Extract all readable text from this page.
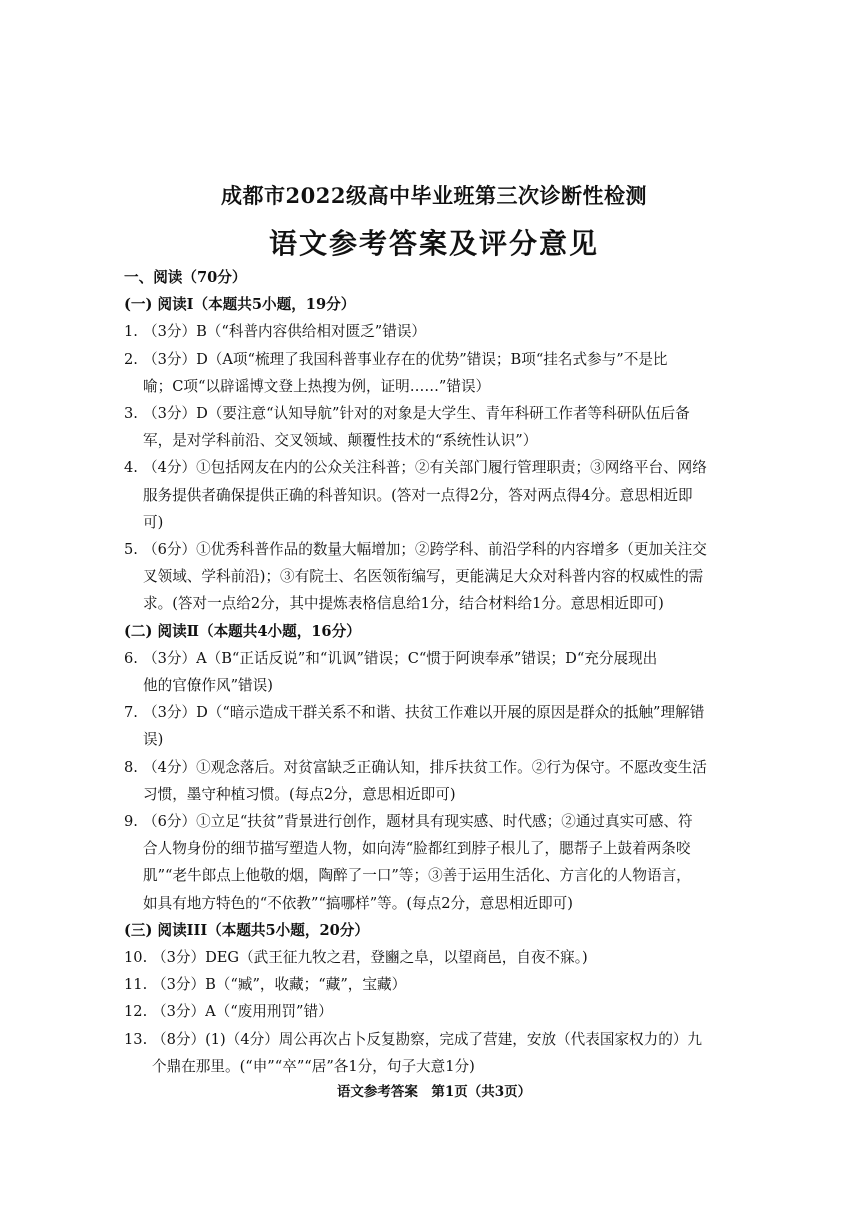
成都市2022级高中毕业班第三次诊断性检测
语文参考答案及评分意见
一、阅读（70分）
(一) 阅读Ⅰ（本题共5小题，19分）
1. （3分）B（“科普内容供给相对匮乏”错误）
2. （3分）D（A项“梳理了我国科普事业存在的优势”错误；B项“挂名式参与”不是比
喻；C项“以辟谣博文登上热搜为例，证明……”错误）
3. （3分）D（要注意“认知导航”针对的对象是大学生、青年科研工作者等科研队伍后备
军，是对学科前沿、交叉领域、颠覆性技术的“系统性认识”）
4. （4分）①包括网友在内的公众关注科普；②有关部门履行管理职责；③网络平台、网络
服务提供者确保提供正确的科普知识。(答对一点得2分，答对两点得4分。意思相近即
可)
5. （6分）①优秀科普作品的数量大幅增加；②跨学科、前沿学科的内容增多（更加关注交
叉领域、学科前沿)；③有院士、名医领衔编写，更能满足大众对科普内容的权威性的需
求。(答对一点给2分，其中提炼表格信息给1分，结合材料给1分。意思相近即可)
(二) 阅读Ⅱ（本题共4小题，16分）
6. （3分）A（B“正话反说”和“讥讽”错误；C“惯于阿谀奉承”错误；D“充分展现出
他的官僚作风”错误)
7. （3分）D（“暗示造成干群关系不和谐、扶贫工作难以开展的原因是群众的抵触”理解错
误)
8. （4分）①观念落后。对贫富缺乏正确认知，排斥扶贫工作。②行为保守。不愿改变生活
习惯，墨守种植习惯。(每点2分，意思相近即可)
9. （6分）①立足“扶贫”背景进行创作，题材具有现实感、时代感；②通过真实可感、符
合人物身份的细节描写塑造人物，如向涛“脸都红到脖子根儿了，腮帮子上鼓着两条咬
肌”“老牛郎点上他敬的烟，陶醉了一口”等；③善于运用生活化、方言化的人物语言，
如具有地方特色的“不依教”“搞哪样”等。(每点2分，意思相近即可)
(三) 阅读III（本题共5小题，20分）
10. （3分）DEG（武王征九牧之君，登豳之阜，以望商邑，自夜不寐。)
11. （3分）B（“臧”，收藏；“藏”，宝藏）
12. （3分）A（“废用刑罚”错）
13. （8分）(1)（4分）周公再次占卜反复勘察，完成了营建，安放（代表国家权力的）九
个鼎在那里。(“申”“卒”“居”各1分，句子大意1分)
语文参考答案　第1页（共3页）
